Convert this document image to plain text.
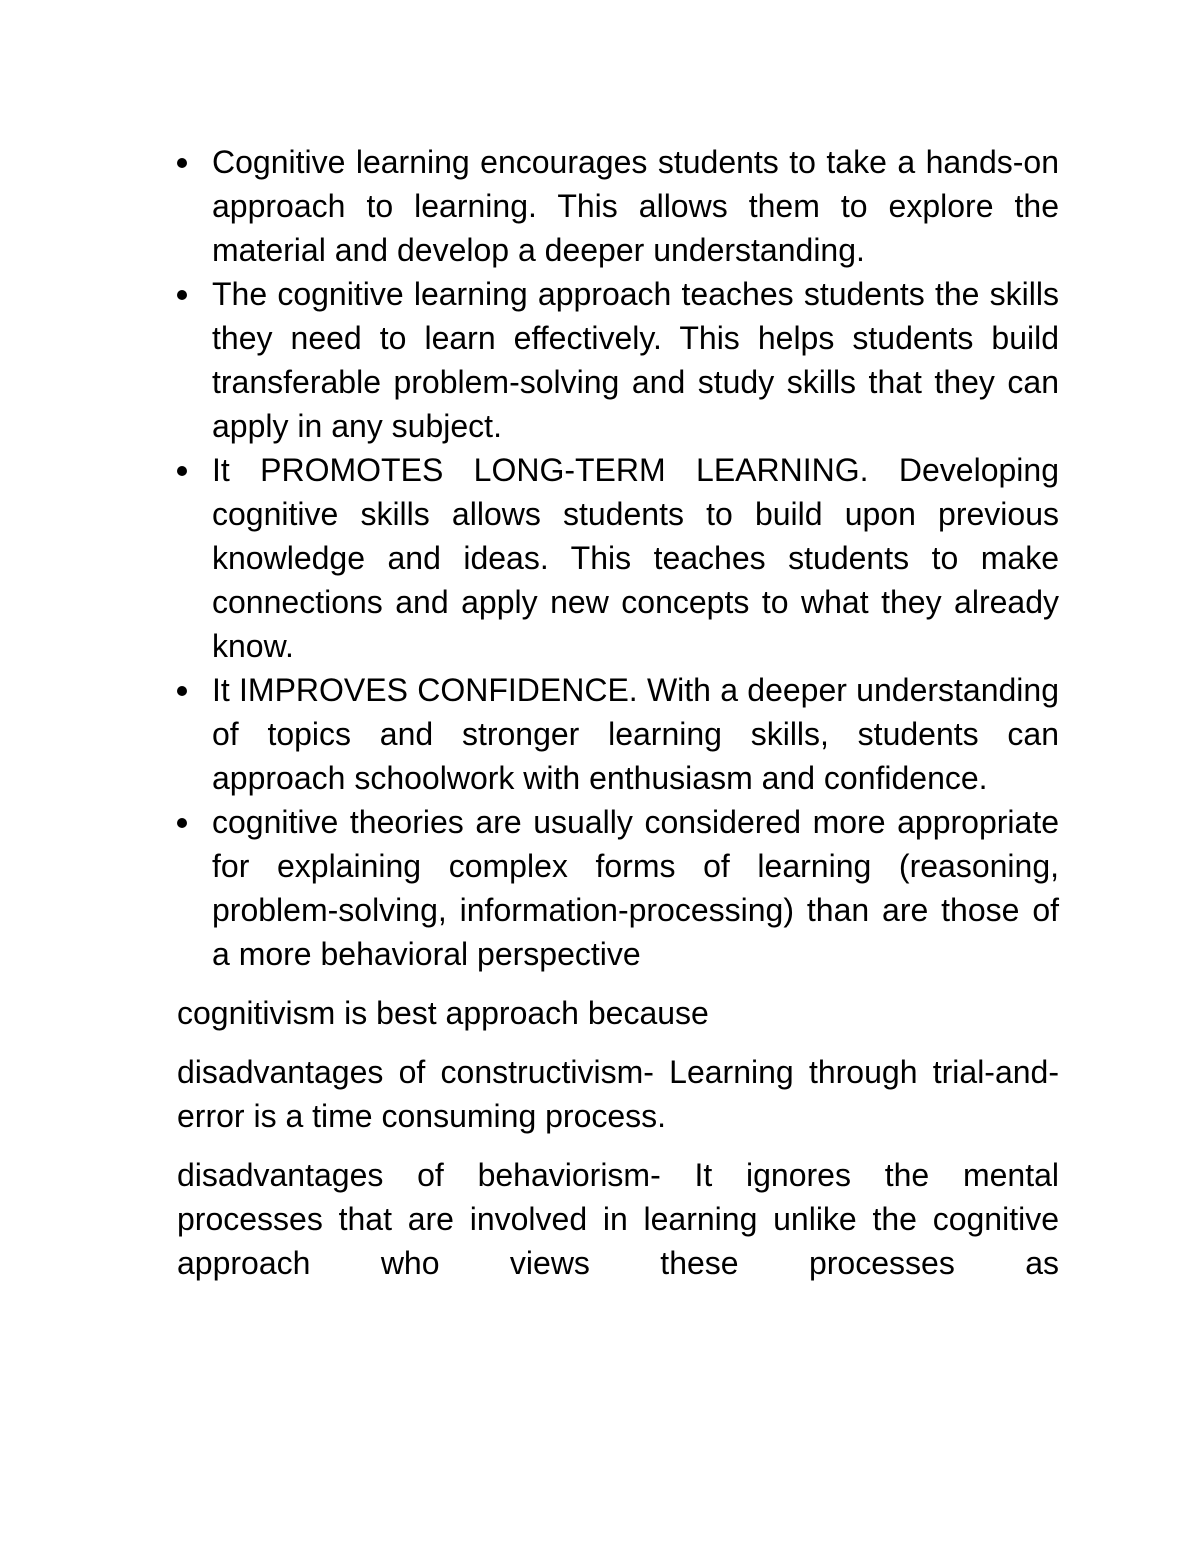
Cognitive learning encourages students to take a hands-on approach to learning. This allows them to explore the material and develop a deeper understanding.
The cognitive learning approach teaches students the skills they need to learn effectively. This helps students build transferable problem-solving and study skills that they can apply in any subject.
It PROMOTES LONG-TERM LEARNING. Developing cognitive skills allows students to build upon previous knowledge and ideas. This teaches students to make connections and apply new concepts to what they already know.
It IMPROVES CONFIDENCE. With a deeper understanding of topics and stronger learning skills, students can approach schoolwork with enthusiasm and confidence.
cognitive theories are usually considered more appropriate for explaining complex forms of learning (reasoning, problem-solving, information-processing) than are those of a more behavioral perspective

cognitivism is best approach because

disadvantages of constructivism- Learning through trial-and-error is a time consuming process.

disadvantages of behaviorism- It ignores the mental processes that are involved in learning unlike the cognitive approach who views these processes as
